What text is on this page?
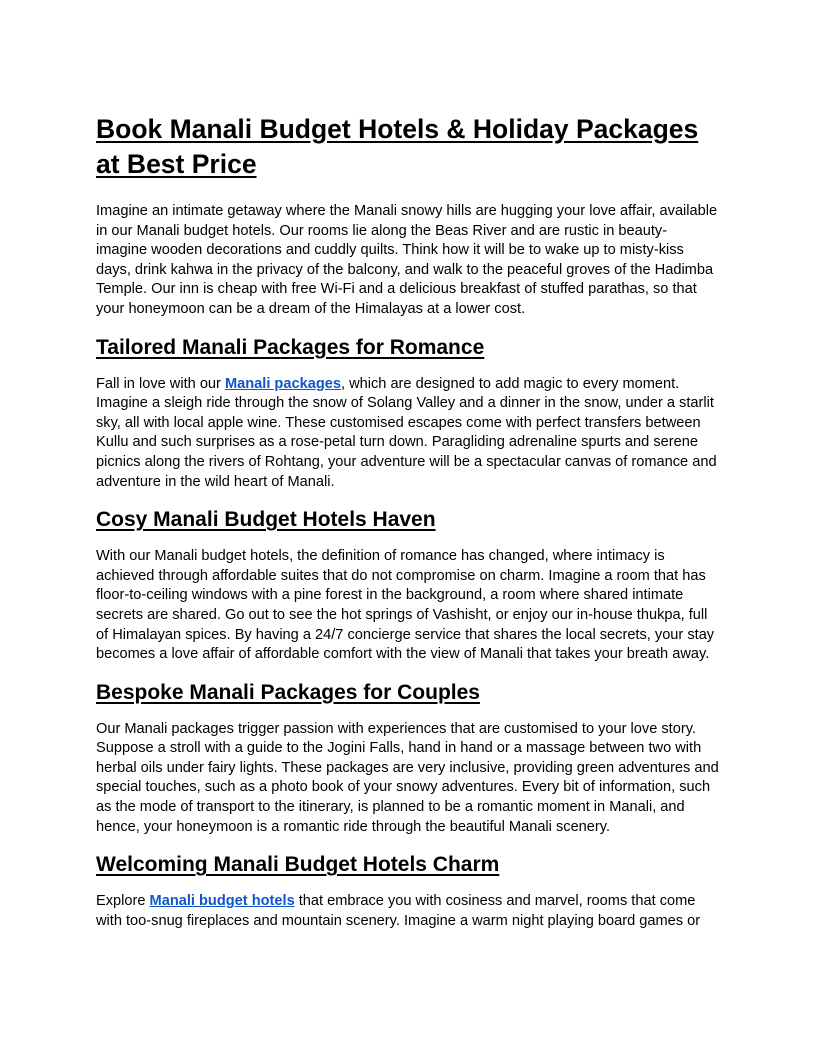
Book Manali Budget Hotels & Holiday Packages at Best Price

Imagine an intimate getaway where the Manali snowy hills are hugging your love affair, available in our Manali budget hotels. Our rooms lie along the Beas River and are rustic in beauty- imagine wooden decorations and cuddly quilts. Think how it will be to wake up to misty-kiss days, drink kahwa in the privacy of the balcony, and walk to the peaceful groves of the Hadimba Temple. Our inn is cheap with free Wi-Fi and a delicious breakfast of stuffed parathas, so that your honeymoon can be a dream of the Himalayas at a lower cost.

Tailored Manali Packages for Romance

Fall in love with our Manali packages, which are designed to add magic to every moment. Imagine a sleigh ride through the snow of Solang Valley and a dinner in the snow, under a starlit sky, all with local apple wine. These customised escapes come with perfect transfers between Kullu and such surprises as a rose-petal turn down. Paragliding adrenaline spurts and serene picnics along the rivers of Rohtang, your adventure will be a spectacular canvas of romance and adventure in the wild heart of Manali.

Cosy Manali Budget Hotels Haven

With our Manali budget hotels, the definition of romance has changed, where intimacy is achieved through affordable suites that do not compromise on charm. Imagine a room that has floor-to-ceiling windows with a pine forest in the background, a room where shared intimate secrets are shared. Go out to see the hot springs of Vashisht, or enjoy our in-house thukpa, full of Himalayan spices. By having a 24/7 concierge service that shares the local secrets, your stay becomes a love affair of affordable comfort with the view of Manali that takes your breath away.

Bespoke Manali Packages for Couples

Our Manali packages trigger passion with experiences that are customised to your love story. Suppose a stroll with a guide to the Jogini Falls, hand in hand or a massage between two with herbal oils under fairy lights. These packages are very inclusive, providing green adventures and special touches, such as a photo book of your snowy adventures. Every bit of information, such as the mode of transport to the itinerary, is planned to be a romantic moment in Manali, and hence, your honeymoon is a romantic ride through the beautiful Manali scenery.

Welcoming Manali Budget Hotels Charm

Explore Manali budget hotels that embrace you with cosiness and marvel, rooms that come with too-snug fireplaces and mountain scenery. Imagine a warm night playing board games or
